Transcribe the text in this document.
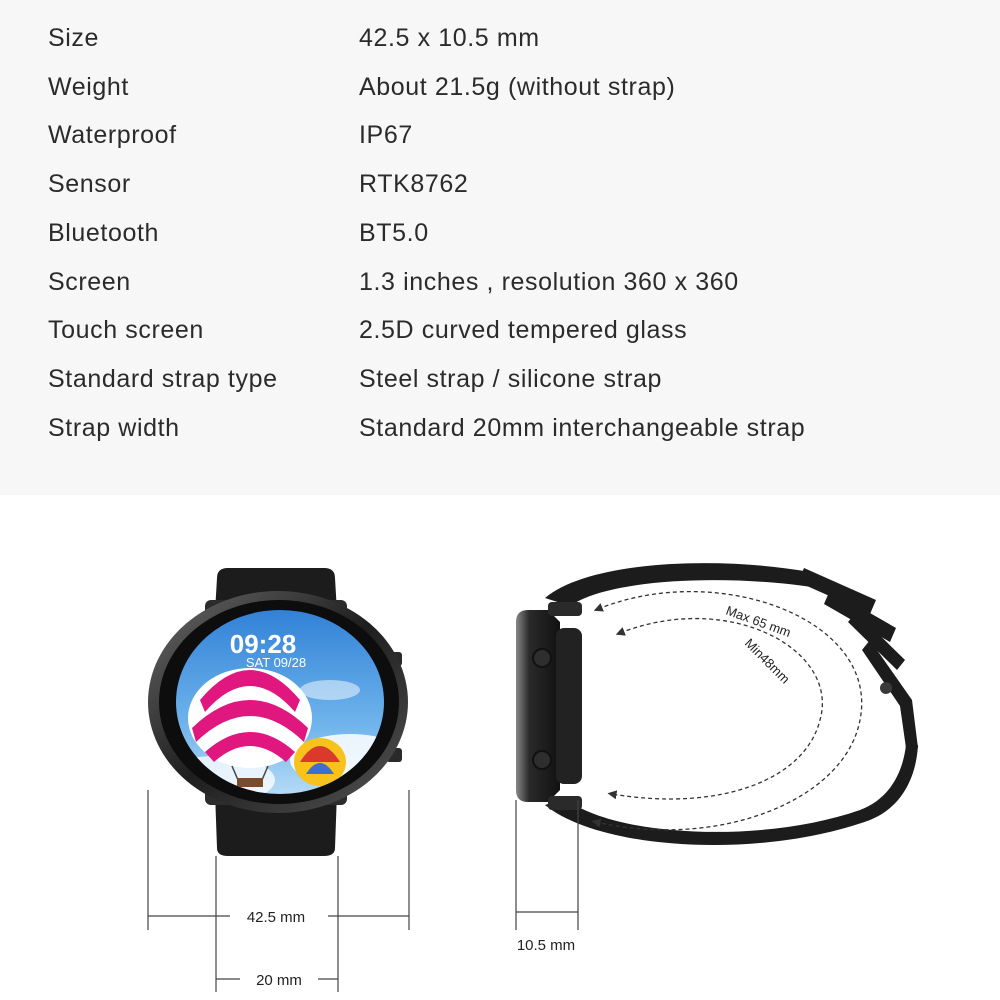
Size	42.5 x 10.5 mm
Weight	About 21.5g (without strap)
Waterproof	IP67
Sensor	RTK8762
Bluetooth	BT5.0
Screen	1.3 inches , resolution 360 x 360
Touch screen	2.5D curved tempered glass
Standard strap type	Steel strap / silicone strap
Strap width	Standard 20mm interchangeable strap
09:28
SAT 09/28
42.5 mm
20 mm
Max 65 mm
Min48mm
10.5 mm
